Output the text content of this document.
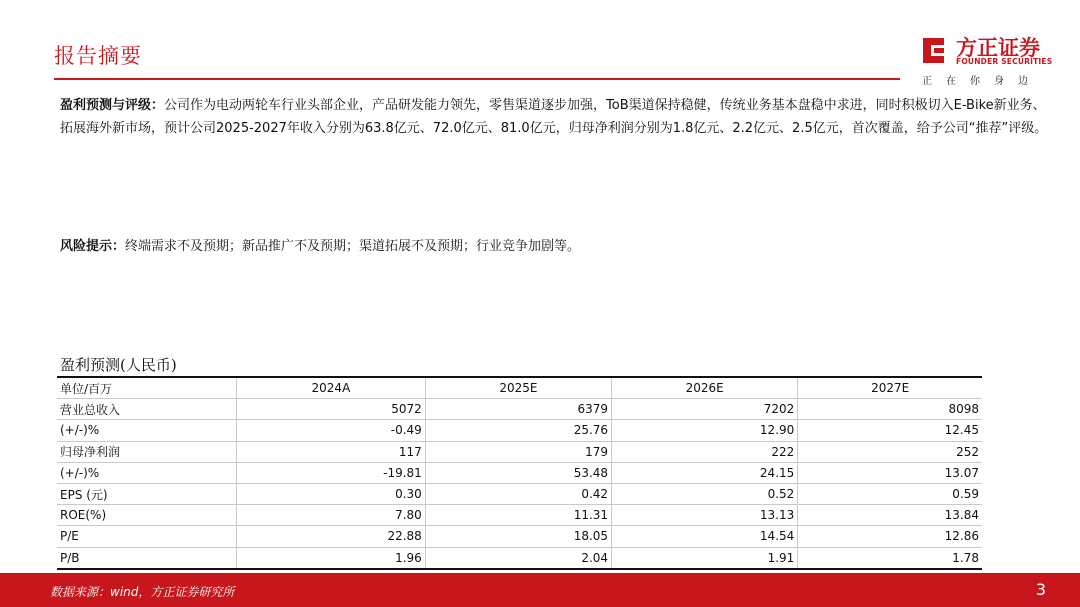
报告摘要	方正证券
FOUNDER SECURITIES
正在你身边
盈利预测与评级：公司作为电动两轮车行业头部企业，产品研发能力领先，零售渠道逐步加强，ToB渠道保持稳健，传统业务基本盘稳中求进，同时积极切入E-Bike新业务、拓展海外新市场，预计公司2025-2027年收入分别为63.8亿元、72.0亿元、81.0亿元，归母净利润分别为1.8亿元、2.2亿元、2.5亿元，首次覆盖，给予公司“推荐”评级。
风险提示：终端需求不及预期；新品推广不及预期；渠道拓展不及预期；行业竞争加剧等。
盈利预测(人民币)
单位/百万	2024A	2025E	2026E	2027E
营业总收入	5072	6379	7202	8098
(+/-)%	-0.49	25.76	12.90	12.45
归母净利润	117	179	222	252
(+/-)%	-19.81	53.48	24.15	13.07
EPS (元)	0.30	0.42	0.52	0.59
ROE(%)	7.80	11.31	13.13	13.84
P/E	22.88	18.05	14.54	12.86
P/B	1.96	2.04	1.91	1.78
数据来源：wind，方正证券研究所	3
